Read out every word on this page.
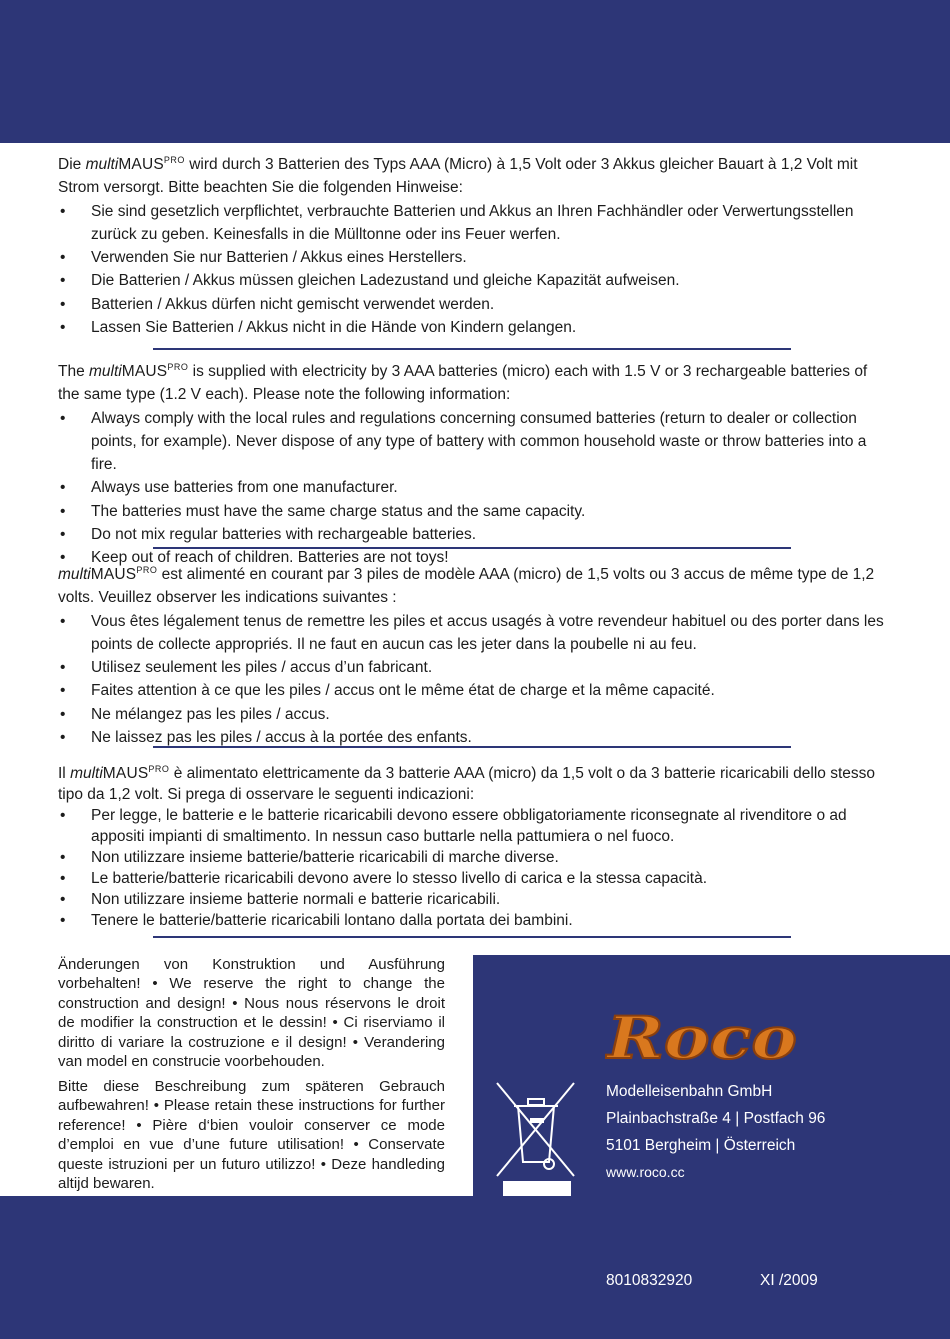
Die multiMAUS$^{PRO}$ wird durch 3 Batterien des Typs AAA (Micro) à 1,5 Volt oder 3 Akkus gleicher Bauart à 1,2 Volt mit Strom versorgt. Bitte beachten Sie die folgenden Hinweise:

• Sie sind gesetzlich verpflichtet, verbrauchte Batterien und Akkus an Ihren Fachhändler oder Verwertungsstellen zurück zu geben. Keinesfalls in die Mülltonne oder ins Feuer werfen.
• Verwenden Sie nur Batterien / Akkus eines Herstellers.
• Die Batterien / Akkus müssen gleichen Ladezustand und gleiche Kapazität aufweisen.
• Batterien / Akkus dürfen nicht gemischt verwendet werden.
• Lassen Sie Batterien / Akkus nicht in die Hände von Kindern gelangen.

The multiMAUS$^{PRO}$ is supplied with electricity by 3 AAA batteries (micro) each with 1.5 V or 3 rechargeable batteries of the same type (1.2 V each). Please note the following information:

• Always comply with the local rules and regulations concerning consumed batteries (return to dealer or collection points, for example). Never dispose of any type of battery with common household waste or throw batteries into a fire.
• Always use batteries from one manufacturer.
• The batteries must have the same charge status and the same capacity.
• Do not mix regular batteries with rechargeable batteries.
• Keep out of reach of children. Batteries are not toys!

multiMAUS$^{PRO}$ est alimenté en courant par 3 piles de modèle AAA (micro) de 1,5 volts ou 3 accus de même type de 1,2 volts. Veuillez observer les indications suivantes :

• Vous êtes légalement tenus de remettre les piles et accus usagés à votre revendeur habituel ou des porter dans les points de collecte appropriés. Il ne faut en aucun cas les jeter dans la poubelle ni au feu.
• Utilisez seulement les piles / accus d’un fabricant.
• Faites attention à ce que les piles / accus ont le même état de charge et la même capacité.
• Ne mélangez pas les piles / accus.
• Ne laissez pas les piles / accus à la portée des enfants.

Il multiMAUS$^{PRO}$ è alimentato elettricamente da 3 batterie AAA (micro) da 1,5 volt o da 3 batterie ricaricabili dello stesso tipo da 1,2 volt. Si prega di osservare le seguenti indicazioni:

• Per legge, le batterie e le batterie ricaricabili devono essere obbligatoriamente riconsegnate al rivenditore o ad appositi impianti di smaltimento. In nessun caso buttarle nella pattumiera o nel fuoco.
• Non utilizzare insieme batterie/batterie ricaricabili di marche diverse.
• Le batterie/batterie ricaricabili devono avere lo stesso livello di carica e la stessa capacità.
• Non utilizzare insieme batterie normali e batterie ricaricabili.
• Tenere le batterie/batterie ricaricabili lontano dalla portata dei bambini.
Änderungen von Konstruktion und Ausführung vorbehalten! • We reserve the right to change the construction and design! • Nous nous réservons le droit de modifier la construction et le dessin! • Ci riserviamo il diritto di variare la costruzione e il design! • Verandering van model en construcie voorbehouden.
Bitte diese Beschreibung zum späteren Gebrauch aufbewahren! • Please retain these instructions for further reference! • Pière d‘bien vouloir conserver ce mode d’emploi en vue d’une future utilisation! • Conservate queste istruzioni per un futuro utilizzo! • Deze handleding altijd bewaren.
Roco
Modelleisenbahn GmbH
Plainbachstraße 4 | Postfach 96
5101 Bergheim | Österreich
www.roco.cc
8010832920	XI /2009
